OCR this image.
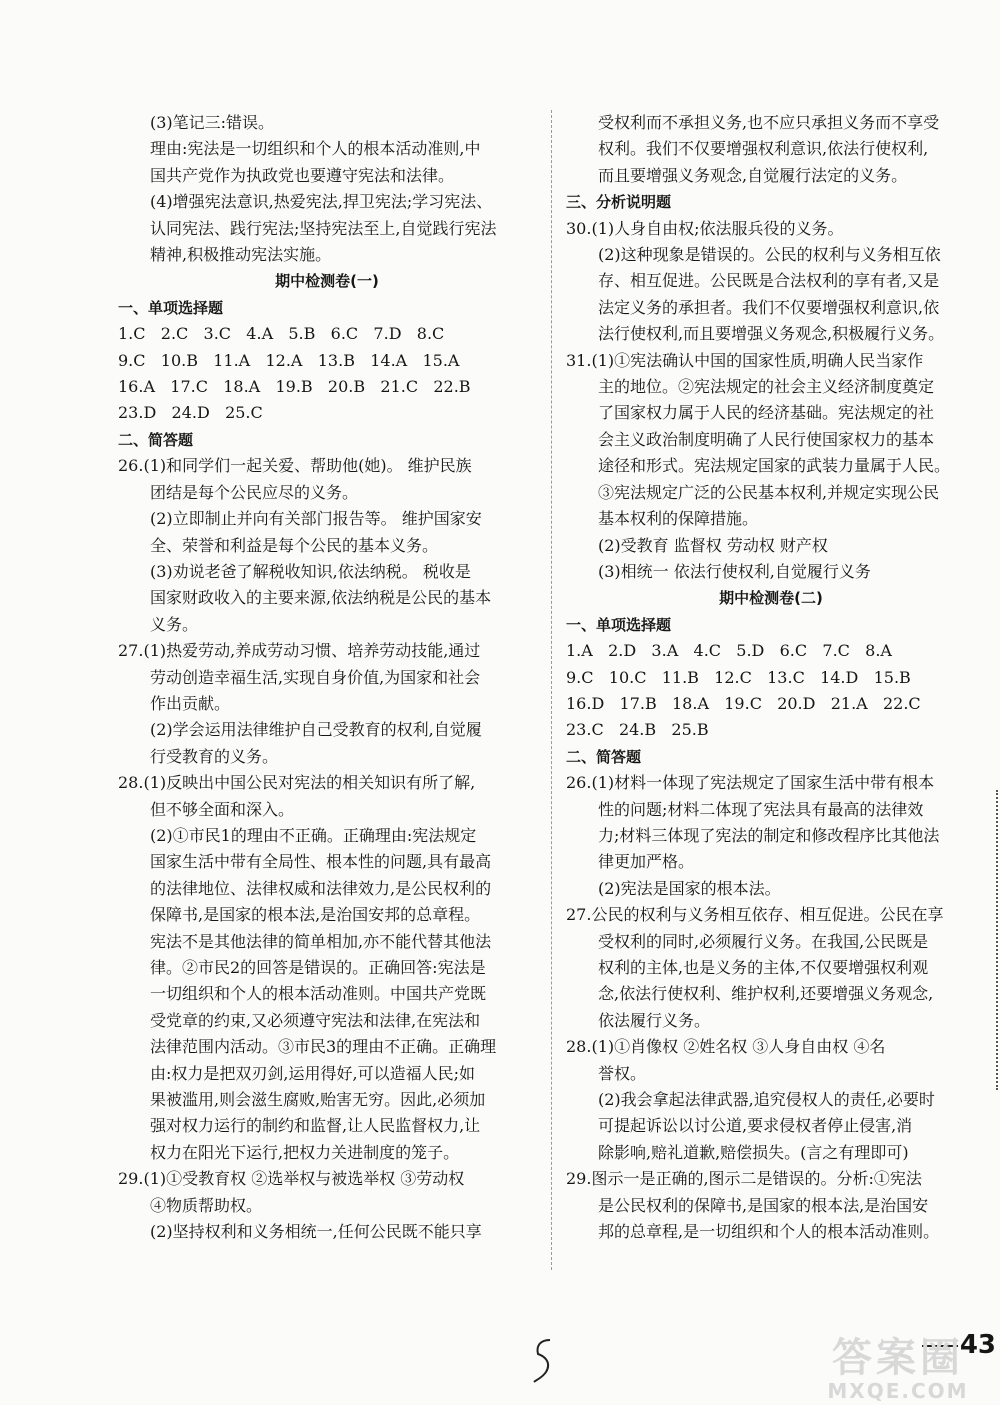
(3)笔记三:错误。
理由:宪法是一切组织和个人的根本活动准则,中
国共产党作为执政党也要遵守宪法和法律。
(4)增强宪法意识,热爱宪法,捍卫宪法;学习宪法、
认同宪法、践行宪法;坚持宪法至上,自觉践行宪法
精神,积极推动宪法实施。
期中检测卷(一)
一、单项选择题
1.C   2.C   3.C   4.A   5.B   6.C   7.D   8.C
9.C   10.B   11.A   12.A   13.B   14.A   15.A
16.A   17.C   18.A   19.B   20.B   21.C   22.B
23.D   24.D   25.C
二、简答题
26.(1)和同学们一起关爱、帮助他(她)。 维护民族
团结是每个公民应尽的义务。
(2)立即制止并向有关部门报告等。 维护国家安
全、荣誉和利益是每个公民的基本义务。
(3)劝说老爸了解税收知识,依法纳税。 税收是
国家财政收入的主要来源,依法纳税是公民的基本
义务。
27.(1)热爱劳动,养成劳动习惯、培养劳动技能,通过
劳动创造幸福生活,实现自身价值,为国家和社会
作出贡献。
(2)学会运用法律维护自己受教育的权利,自觉履
行受教育的义务。
28.(1)反映出中国公民对宪法的相关知识有所了解,
但不够全面和深入。
(2)①市民1的理由不正确。正确理由:宪法规定
国家生活中带有全局性、根本性的问题,具有最高
的法律地位、法律权威和法律效力,是公民权利的
保障书,是国家的根本法,是治国安邦的总章程。
宪法不是其他法律的简单相加,亦不能代替其他法
律。②市民2的回答是错误的。正确回答:宪法是
一切组织和个人的根本活动准则。中国共产党既
受党章的约束,又必须遵守宪法和法律,在宪法和
法律范围内活动。③市民3的理由不正确。正确理
由:权力是把双刃剑,运用得好,可以造福人民;如
果被滥用,则会滋生腐败,贻害无穷。因此,必须加
强对权力运行的制约和监督,让人民监督权力,让
权力在阳光下运行,把权力关进制度的笼子。
29.(1)①受教育权 ②选举权与被选举权 ③劳动权
④物质帮助权。
(2)坚持权利和义务相统一,任何公民既不能只享
受权利而不承担义务,也不应只承担义务而不享受
权利。我们不仅要增强权利意识,依法行使权利,
而且要增强义务观念,自觉履行法定的义务。
三、分析说明题
30.(1)人身自由权;依法服兵役的义务。
(2)这种现象是错误的。公民的权利与义务相互依
存、相互促进。公民既是合法权利的享有者,又是
法定义务的承担者。我们不仅要增强权利意识,依
法行使权利,而且要增强义务观念,积极履行义务。
31.(1)①宪法确认中国的国家性质,明确人民当家作
主的地位。②宪法规定的社会主义经济制度奠定
了国家权力属于人民的经济基础。宪法规定的社
会主义政治制度明确了人民行使国家权力的基本
途径和形式。宪法规定国家的武装力量属于人民。
③宪法规定广泛的公民基本权利,并规定实现公民
基本权利的保障措施。
(2)受教育 监督权 劳动权 财产权
(3)相统一 依法行使权利,自觉履行义务
期中检测卷(二)
一、单项选择题
1.A   2.D   3.A   4.C   5.D   6.C   7.C   8.A
9.C   10.C   11.B   12.C   13.C   14.D   15.B
16.D   17.B   18.A   19.C   20.D   21.A   22.C
23.C   24.B   25.B
二、简答题
26.(1)材料一体现了宪法规定了国家生活中带有根本
性的问题;材料二体现了宪法具有最高的法律效
力;材料三体现了宪法的制定和修改程序比其他法
律更加严格。
(2)宪法是国家的根本法。
27.公民的权利与义务相互依存、相互促进。公民在享
受权利的同时,必须履行义务。在我国,公民既是
权利的主体,也是义务的主体,不仅要增强权利观
念,依法行使权利、维护权利,还要增强义务观念,
依法履行义务。
28.(1)①肖像权 ②姓名权 ③人身自由权 ④名
誉权。
(2)我会拿起法律武器,追究侵权人的责任,必要时
可提起诉讼以讨公道,要求侵权者停止侵害,消
除影响,赔礼道歉,赔偿损失。(言之有理即可)
29.图示一是正确的,图示二是错误的。分析:①宪法
是公民权利的保障书,是国家的根本法,是治国安
邦的总章程,是一切组织和个人的根本活动准则。
43
答案圈
MXQE.COM
